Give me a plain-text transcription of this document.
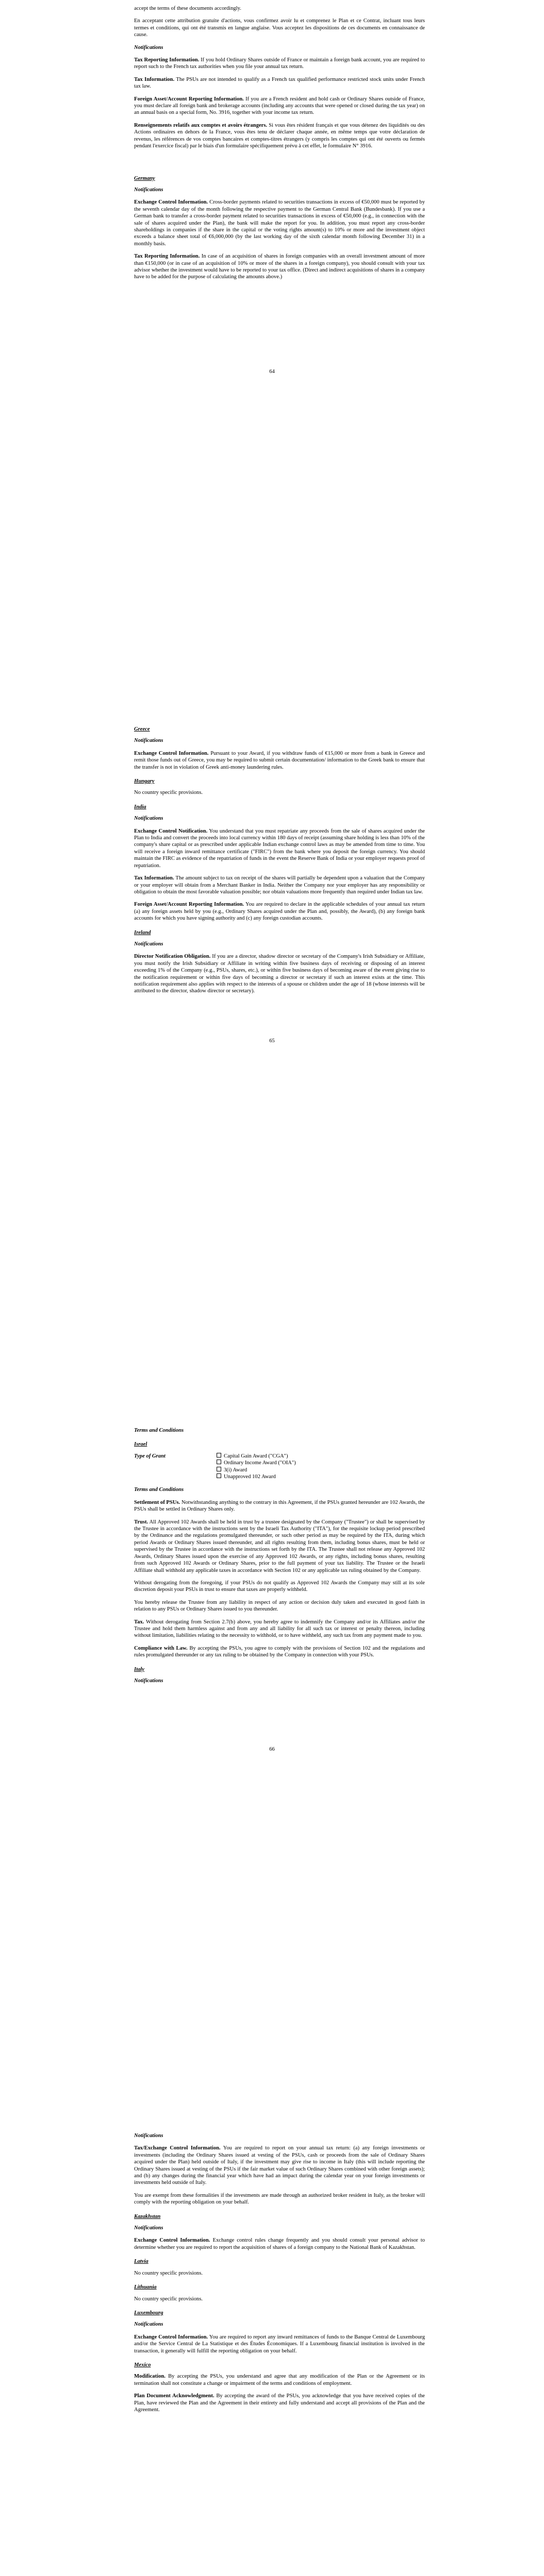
accept the terms of these documents accordingly.

En acceptant cette attribution gratuite d'actions, vous confirmez avoir lu et comprenez le Plan et ce Contrat, incluant tous leurs termes et conditions, qui ont été transmis en langue anglaise. Vous acceptez les dispositions de ces documents en connaissance de cause.

Notifications

Tax Reporting Information. If you hold Ordinary Shares outside of France or maintain a foreign bank account, you are required to report such to the French tax authorities when you file your annual tax return.

Tax Information. The PSUs are not intended to qualify as a French tax qualified performance restricted stock units under French tax law.

Foreign Asset/Account Reporting Information. If you are a French resident and hold cash or Ordinary Shares outside of France, you must declare all foreign bank and brokerage accounts (including any accounts that were opened or closed during the tax year) on an annual basis on a special form, No. 3916, together with your income tax return.

Renseignements relatifs aux comptes et avoirs étrangers. Si vous êtes résident français et que vous détenez des liquidités ou des Actions ordinaires en dehors de la France, vous êtes tenu de déclarer chaque année, en même temps que votre déclaration de revenus, les références de vos comptes bancaires et comptes-titres étrangers (y compris les comptes qui ont été ouverts ou fermés pendant l'exercice fiscal) par le biais d'un formulaire spécifiquement prévu à cet effet, le formulaire N° 3916.

Germany
Notifications

Exchange Control Information. Cross-border payments related to securities transactions in excess of €50,000 must be reported by the seventh calendar day of the month following the respective payment to the German Central Bank (Bundesbank). If you use a German bank to transfer a cross-border payment related to securities transactions in excess of €50,000 (e.g., in connection with the sale of shares acquired under the Plan), the bank will make the report for you. In addition, you must report any cross-border shareholdings in companies if the share in the capital or the voting rights amount(s) to 10% or more and the investment object exceeds a balance sheet total of €6,000,000 (by the last working day of the sixth calendar month following December 31) in a monthly basis.

Tax Reporting Information. In case of an acquisition of shares in foreign companies with an overall investment amount of more than €150,000 (or in case of an acquisition of 10% or more of the shares in a foreign company), you should consult with your tax advisor whether the investment would have to be reported to your tax office. (Direct and indirect acquisitions of shares in a company have to be added for the purpose of calculating the amounts above.)

64
Greece
Notifications

Exchange Control Information. Pursuant to your Award, if you withdraw funds of €15,000 or more from a bank in Greece and remit those funds out of Greece, you may be required to submit certain documentation/ information to the Greek bank to ensure that the transfer is not in violation of Greek anti-money laundering rules.

Hungary

No country specific provisions.

India
Notifications

Exchange Control Notification. You understand that you must repatriate any proceeds from the sale of shares acquired under the Plan to India and convert the proceeds into local currency within 180 days of receipt (assuming share holding is less than 10% of the company's share capital or as prescribed under applicable Indian exchange control laws as may be amended from time to time. You will receive a foreign inward remittance certificate ("FIRC") from the bank where you deposit the foreign currency. You should maintain the FIRC as evidence of the repatriation of funds in the event the Reserve Bank of India or your employer requests proof of repatriation.

Tax Information. The amount subject to tax on receipt of the shares will partially be dependent upon a valuation that the Company or your employer will obtain from a Merchant Banker in India. Neither the Company nor your employer has any responsibility or obligation to obtain the most favorable valuation possible; nor obtain valuations more frequently than required under Indian tax law.

Foreign Asset/Account Reporting Information. You are required to declare in the applicable schedules of your annual tax return (a) any foreign assets held by you (e.g., Ordinary Shares acquired under the Plan and, possibly, the Award), (b) any foreign bank accounts for which you have signing authority and (c) any foreign custodian accounts.

Ireland
Notifications

Director Notification Obligation. If you are a director, shadow director or secretary of the Company's Irish Subsidiary or Affiliate, you must notify the Irish Subsidiary or Affiliate in writing within five business days of receiving or disposing of an interest exceeding 1% of the Company (e.g., PSUs, shares, etc.), or within five business days of becoming aware of the event giving rise to the notification requirement or within five days of becoming a director or secretary if such an interest exists at the time. This notification requirement also applies with respect to the interests of a spouse or children under the age of 18 (whose interests will be attributed to the director, shadow director or secretary).

65
Terms and Conditions
Israel
Type of Grant	Capital Gain Award ("CGA")
Ordinary Income Award ("OIA")
3(i) Award
Unapproved 102 Award
Terms and Conditions

Settlement of PSUs. Notwithstanding anything to the contrary in this Agreement, if the PSUs granted hereunder are 102 Awards, the PSUs shall be settled in Ordinary Shares only.

Trust. All Approved 102 Awards shall be held in trust by a trustee designated by the Company ("Trustee") or shall be supervised by the Trustee in accordance with the instructions sent by the Israeli Tax Authority ("ITA"), for the requisite lockup period prescribed by the Ordinance and the regulations promulgated thereunder, or such other period as may be required by the ITA, during which period Awards or Ordinary Shares issued thereunder, and all rights resulting from them, including bonus shares, must be held or supervised by the Trustee in accordance with the instructions set forth by the ITA. The Trustee shall not release any Approved 102 Awards, Ordinary Shares issued upon the exercise of any Approved 102 Awards, or any rights, including bonus shares, resulting from such Approved 102 Awards or Ordinary Shares, prior to the full payment of your tax liability. The Trustee or the Israeli Affiliate shall withhold any applicable taxes in accordance with Section 102 or any applicable tax ruling obtained by the Company.

Without derogating from the foregoing, if your PSUs do not qualify as Approved 102 Awards the Company may still at its sole discretion deposit your PSUs in trust to ensure that taxes are properly withheld.

You hereby release the Trustee from any liability in respect of any action or decision duly taken and executed in good faith in relation to any PSUs or Ordinary Shares issued to you thereunder.

Tax. Without derogating from Section 2.7(b) above, you hereby agree to indemnify the Company and/or its Affiliates and/or the Trustee and hold them harmless against and from any and all liability for all such tax or interest or penalty thereon, including without limitation, liabilities relating to the necessity to withhold, or to have withheld, any such tax from any payment made to you.

Compliance with Law. By accepting the PSUs, you agree to comply with the provisions of Section 102 and the regulations and rules promulgated thereunder or any tax ruling to be obtained by the Company in connection with your PSUs.

Italy
Notifications
66
Notifications

Tax/Exchange Control Information. You are required to report on your annual tax return: (a) any foreign investments or investments (including the Ordinary Shares issued at vesting of the PSUs, cash or proceeds from the sale of Ordinary Shares acquired under the Plan) held outside of Italy, if the investment may give rise to income in Italy (this will include reporting the Ordinary Shares issued at vesting of the PSUs if the fair market value of such Ordinary Shares combined with other foreign assets); and (b) any changes during the financial year which have had an impact during the calendar year on your foreign investments or investments held outside of Italy.

You are exempt from these formalities if the investments are made through an authorized broker resident in Italy, as the broker will comply with the reporting obligation on your behalf.

Kazakhstan
Notifications

Exchange Control Information. Exchange control rules change frequently and you should consult your personal advisor to determine whether you are required to report the acquisition of shares of a foreign company to the National Bank of Kazakhstan.

Latvia

No country specific provisions.

Lithuania

No country specific provisions.

Luxembourg
Notifications

Exchange Control Information. You are required to report any inward remittances of funds to the Banque Central de Luxembourg and/or the Service Central de La Statistique et des Études Économiques. If a Luxembourg financial institution is involved in the transaction, it generally will fulfill the reporting obligation on your behalf.

Mexico

Modification. By accepting the PSUs, you understand and agree that any modification of the Plan or the Agreement or its termination shall not constitute a change or impairment of the terms and conditions of employment.

Plan Document Acknowledgment. By accepting the award of the PSUs, you acknowledge that you have received copies of the Plan, have reviewed the Plan and the Agreement in their entirety and fully understand and accept all provisions of the Plan and the Agreement.
